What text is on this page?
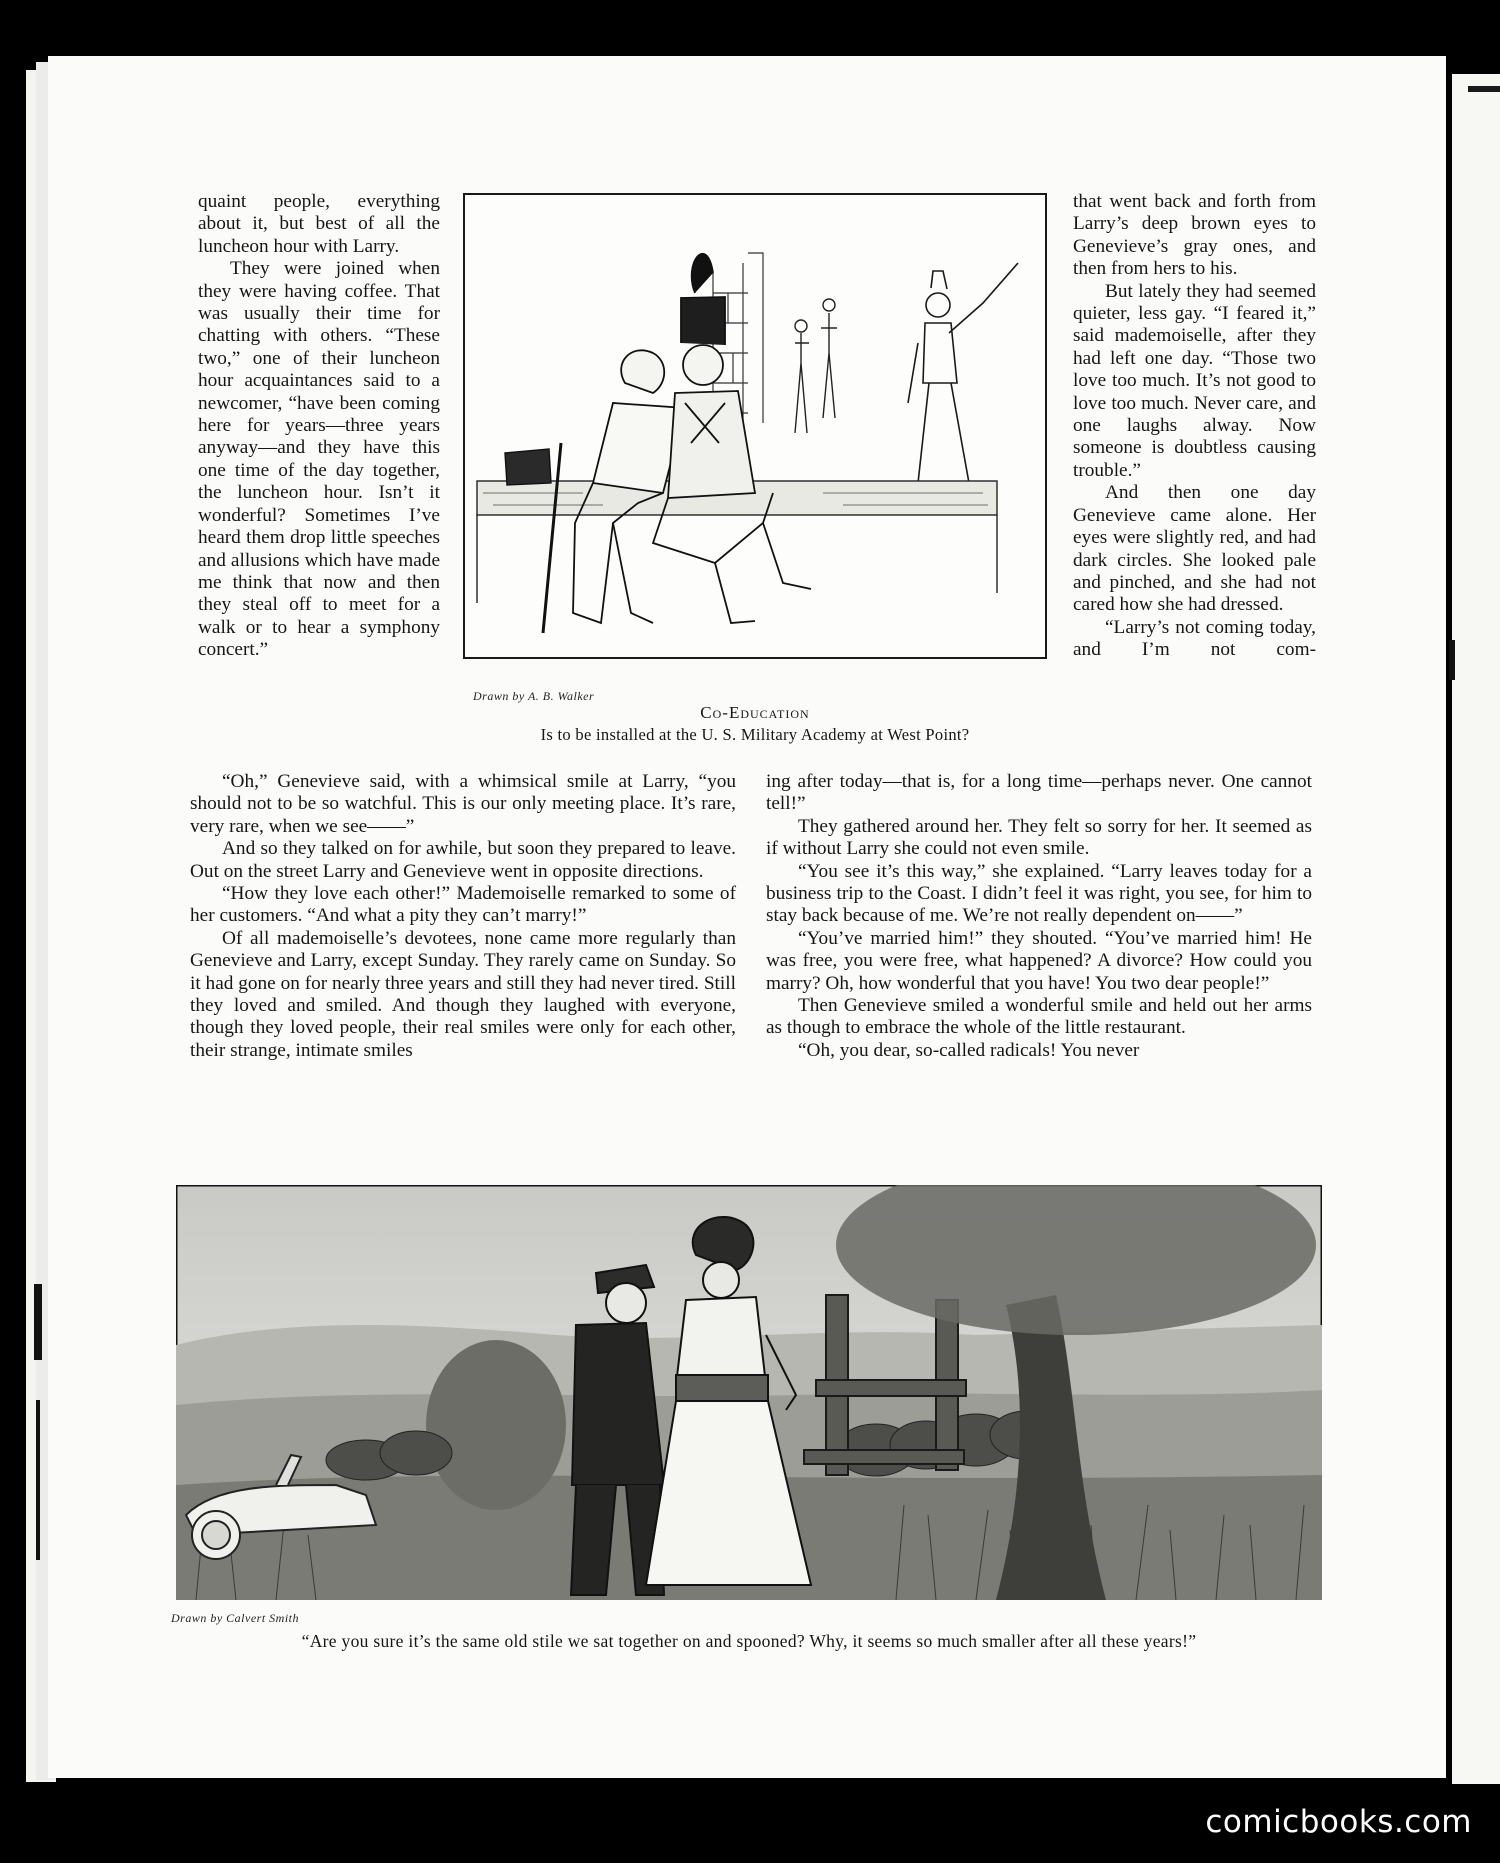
quaint people, everything about it, but best of all the luncheon hour with Larry.

They were joined when they were having coffee. That was usually their time for chatting with others. “These two,” one of their luncheon hour acquaintances said to a newcomer, “have been coming here for years—three years anyway—and they have this one time of the day together, the luncheon hour. Isn’t it wonderful? Sometimes I’ve heard them drop little speeches and allusions which have made me think that now and then they steal off to meet for a walk or to hear a symphony concert.”

that went back and forth from Larry’s deep brown eyes to Genevieve’s gray ones, and then from hers to his.

But lately they had seemed quieter, less gay. “I feared it,” said mademoiselle, after they had left one day. “Those two love too much. It’s not good to love too much. Never care, and one laughs alway. Now someone is doubtless causing trouble.”

And then one day Genevieve came alone. Her eyes were slightly red, and had dark circles. She looked pale and pinched, and she had not cared how she had dressed.

“Larry’s not coming today, and I’m not com-

“Oh,” Genevieve said, with a whimsical smile at Larry, “you should not to be so watchful. This is our only meeting place. It’s rare, very rare, when we see——”

And so they talked on for awhile, but soon they prepared to leave. Out on the street Larry and Genevieve went in opposite directions.

“How they love each other!” Mademoiselle remarked to some of her customers. “And what a pity they can’t marry!”

Of all mademoiselle’s devotees, none came more regularly than Genevieve and Larry, except Sunday. They rarely came on Sunday. So it had gone on for nearly three years and still they had never tired. Still they loved and smiled. And though they laughed with everyone, though they loved people, their real smiles were only for each other, their strange, intimate smiles

ing after today—that is, for a long time—perhaps never. One cannot tell!”

They gathered around her. They felt so sorry for her. It seemed as if without Larry she could not even smile.

“You see it’s this way,” she explained. “Larry leaves today for a business trip to the Coast. I didn’t feel it was right, you see, for him to stay back because of me. We’re not really dependent on——”

“You’ve married him!” they shouted. “You’ve married him! He was free, you were free, what happened? A divorce? How could you marry? Oh, how wonderful that you have! You two dear people!”

Then Genevieve smiled a wonderful smile and held out her arms as though to embrace the whole of the little restaurant.

“Oh, you dear, so-called radicals! You never

Drawn by A. B. Walker
Co-Education
Is to be installed at the U. S. Military Academy at West Point?
Drawn by Calvert Smith
“Are you sure it’s the same old stile we sat together on and spooned? Why, it seems so much smaller after all these years!”
comicbooks.com
